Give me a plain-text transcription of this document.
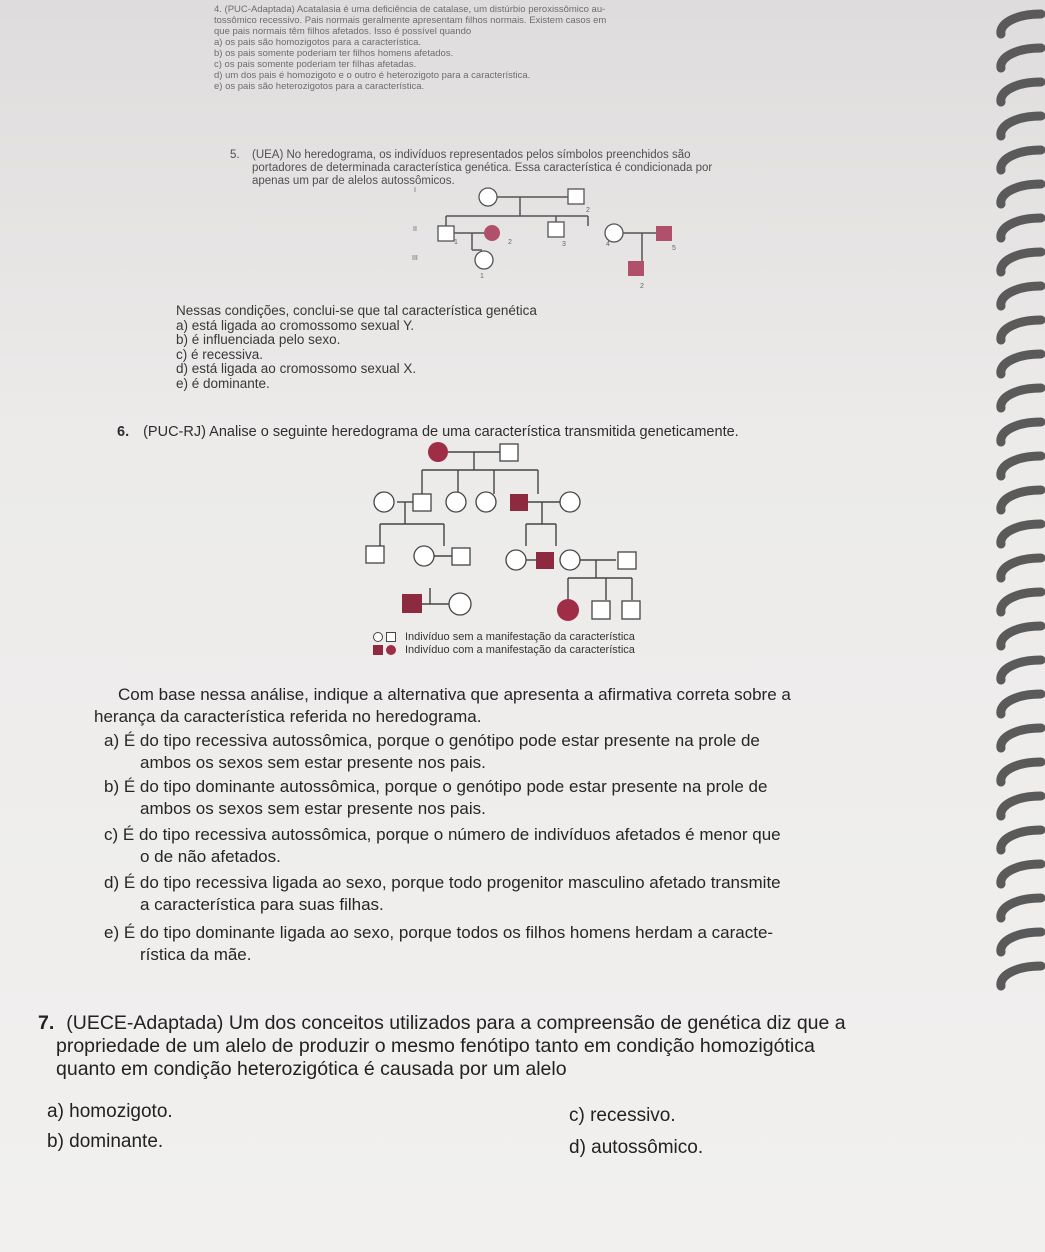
4. (PUC-Adaptada) Acatalasia é uma deficiência de catalase, um distúrbio peroxissômico au-
tossômico recessivo. Pais normais geralmente apresentam filhos normais. Existem casos em
que pais normais têm filhos afetados. Isso é possível quando
a) os pais são homozigotos para a característica.
b) os pais somente poderiam ter filhos homens afetados.
c) os pais somente poderiam ter filhas afetadas.
d) um dos pais é homozigoto e o outro é heterozigoto para a característica.
e) os pais são heterozigotos para a característica.
5. (UEA) No heredograma, os indivíduos representados pelos símbolos preenchidos são
portadores de determinada característica genética. Essa característica é condicionada por
apenas um par de alelos autossômicos.
I
II
III
2
1	2	3	4
5
1
2
Nessas condições, conclui-se que tal característica genética
a) está ligada ao cromossomo sexual Y.
b) é influenciada pelo sexo.
c) é recessiva.
d) está ligada ao cromossomo sexual X.
e) é dominante.
6. (PUC-RJ) Analise o seguinte heredograma de uma característica transmitida geneticamente.
Indivíduo sem a manifestação da característica
Indivíduo com a manifestação da característica
Com base nessa análise, indique a alternativa que apresenta a afirmativa correta sobre a
herança da característica referida no heredograma.
a) É do tipo recessiva autossômica, porque o genótipo pode estar presente na prole de
ambos os sexos sem estar presente nos pais.
b) É do tipo dominante autossômica, porque o genótipo pode estar presente na prole de
ambos os sexos sem estar presente nos pais.
c) É do tipo recessiva autossômica, porque o número de indivíduos afetados é menor que
o de não afetados.
d) É do tipo recessiva ligada ao sexo, porque todo progenitor masculino afetado transmite
a característica para suas filhas.
e) É do tipo dominante ligada ao sexo, porque todos os filhos homens herdam a caracte-
rística da mãe.
7. (UECE-Adaptada) Um dos conceitos utilizados para a compreensão de genética diz que a
propriedade de um alelo de produzir o mesmo fenótipo tanto em condição homozigótica
quanto em condição heterozigótica é causada por um alelo
a) homozigoto.
b) dominante.
c) recessivo.
d) autossômico.
